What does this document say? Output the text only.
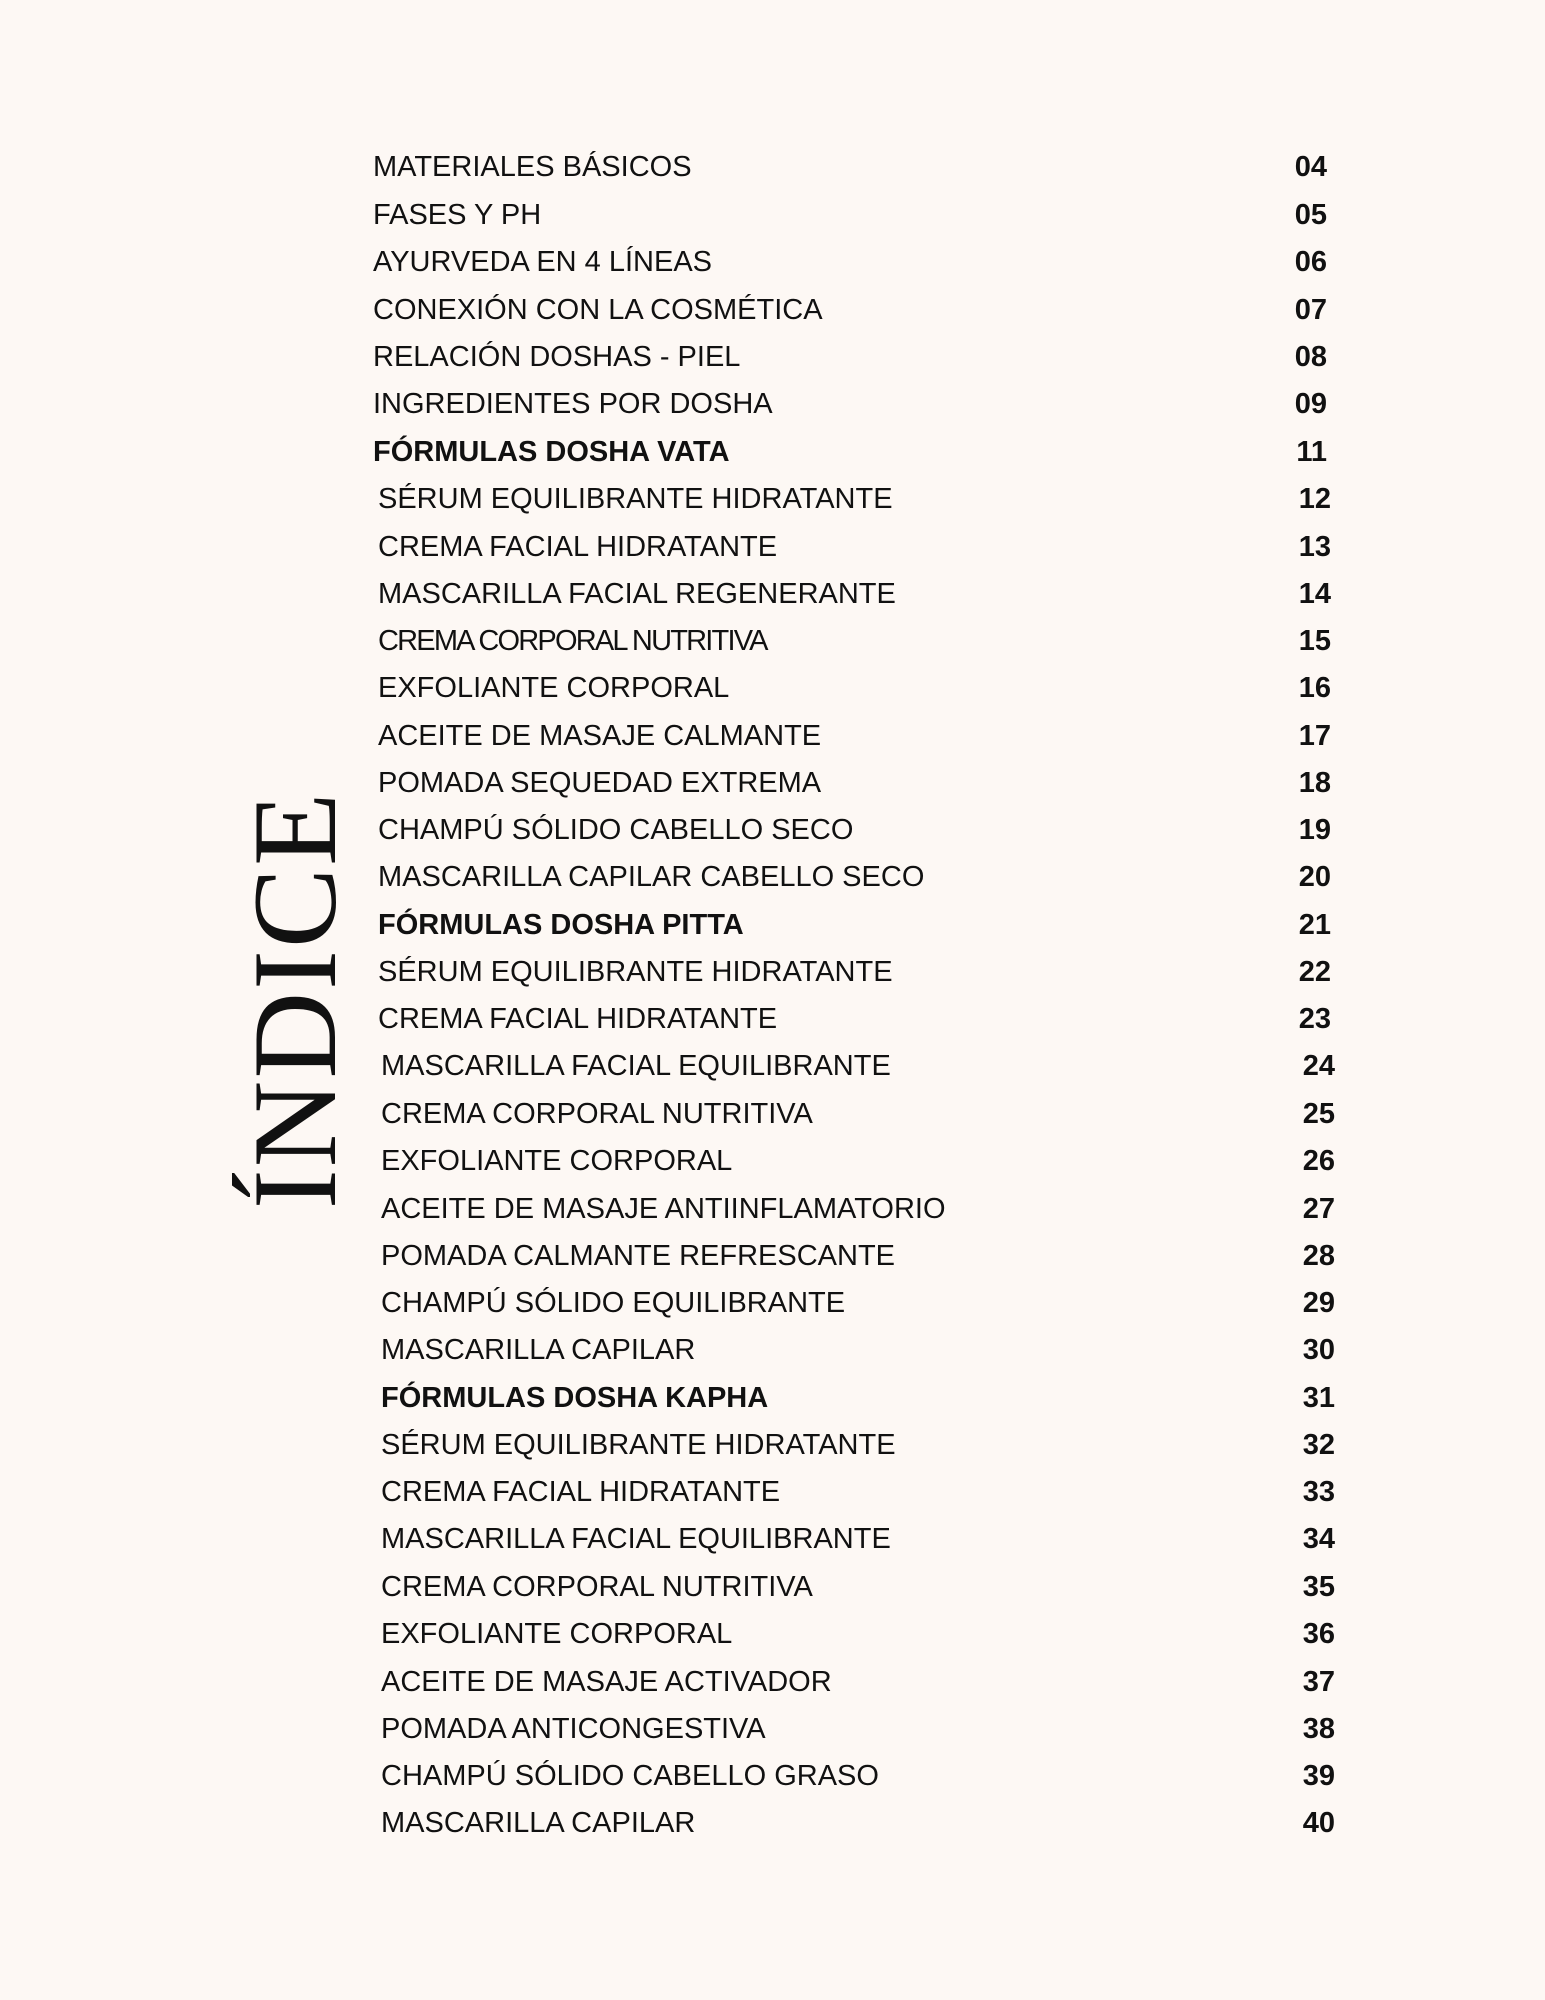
ÍNDICE
MATERIALES BÁSICOS	04
FASES Y PH	05
AYURVEDA EN 4 LÍNEAS	06
CONEXIÓN CON LA COSMÉTICA	07
RELACIÓN DOSHAS - PIEL	08
INGREDIENTES POR DOSHA	09
FÓRMULAS DOSHA VATA	11
SÉRUM EQUILIBRANTE HIDRATANTE	12
CREMA FACIAL HIDRATANTE	13
MASCARILLA FACIAL REGENERANTE	14
CREMA CORPORAL NUTRITIVA	15
EXFOLIANTE CORPORAL	16
ACEITE DE MASAJE CALMANTE	17
POMADA SEQUEDAD EXTREMA	18
CHAMPÚ SÓLIDO CABELLO SECO	19
MASCARILLA CAPILAR CABELLO SECO	20
FÓRMULAS DOSHA PITTA	21
SÉRUM EQUILIBRANTE HIDRATANTE	22
CREMA FACIAL HIDRATANTE	23
MASCARILLA FACIAL EQUILIBRANTE	24
CREMA CORPORAL NUTRITIVA	25
EXFOLIANTE CORPORAL	26
ACEITE DE MASAJE ANTIINFLAMATORIO	27
POMADA CALMANTE REFRESCANTE	28
CHAMPÚ SÓLIDO EQUILIBRANTE	29
MASCARILLA CAPILAR	30
FÓRMULAS DOSHA KAPHA	31
SÉRUM EQUILIBRANTE HIDRATANTE	32
CREMA FACIAL HIDRATANTE	33
MASCARILLA FACIAL EQUILIBRANTE	34
CREMA CORPORAL NUTRITIVA	35
EXFOLIANTE CORPORAL	36
ACEITE DE MASAJE ACTIVADOR	37
POMADA ANTICONGESTIVA	38
CHAMPÚ SÓLIDO CABELLO GRASO	39
MASCARILLA CAPILAR	40
